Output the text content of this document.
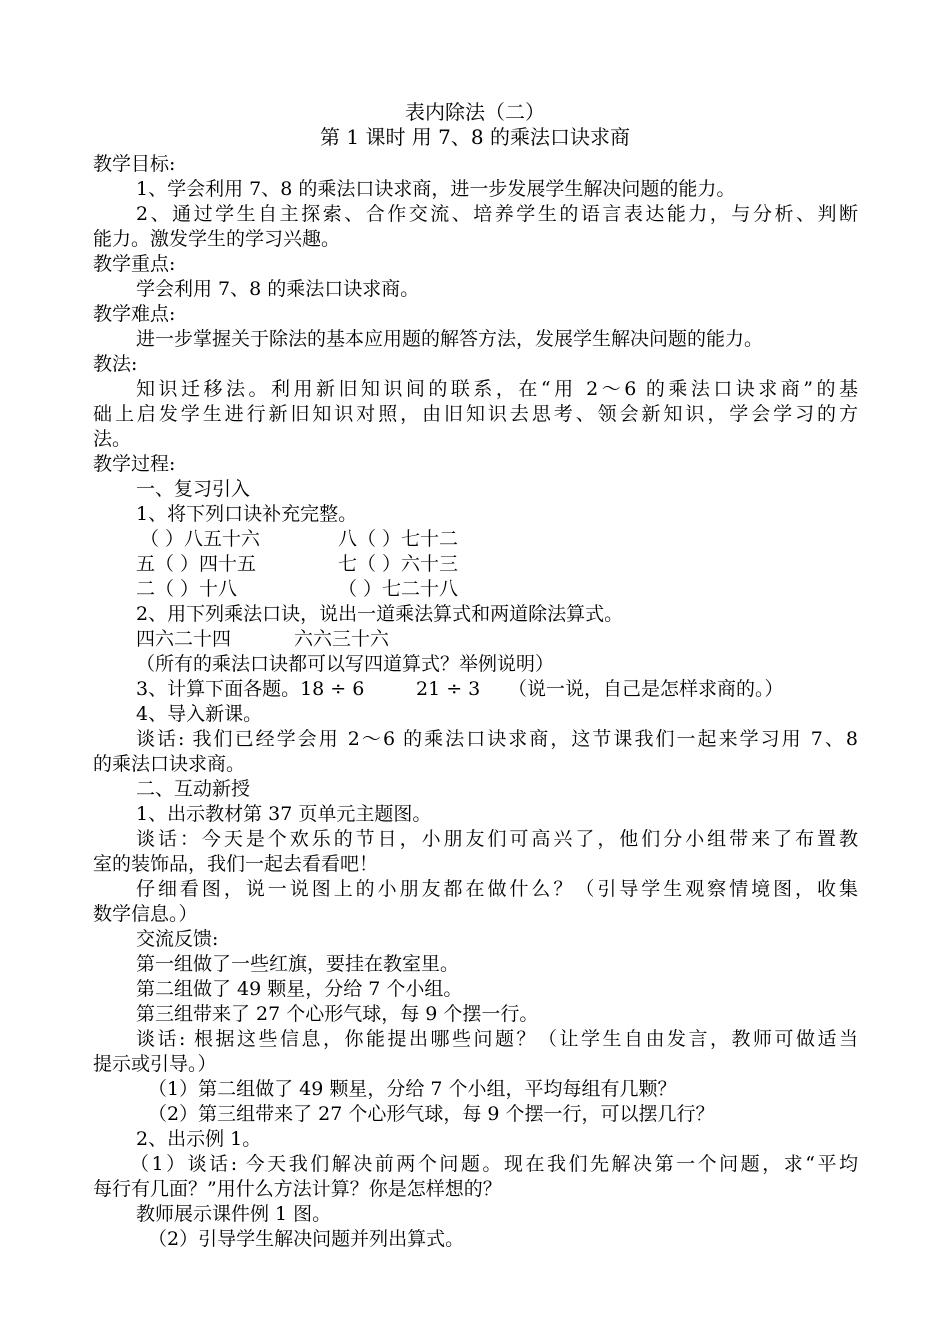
表内除法（二）
第 1 课时 用 7、8 的乘法口诀求商
教学目标:
1、学会利用 7、8 的乘法口诀求商，进一步发展学生解决问题的能力。
2、通过学生自主探索、合作交流、培养学生的语言表达能力，与分析、判断
能力。激发学生的学习兴趣。
教学重点:
学会利用 7、8 的乘法口诀求商。
教学难点:
进一步掌握关于除法的基本应用题的解答方法，发展学生解决问题的能力。
教法:
知识迁移法。利用新旧知识间的联系，在“用 2～6 的乘法口诀求商”的基
础上启发学生进行新旧知识对照，由旧知识去思考、领会新知识，学会学习的方
法。
教学过程:
一、复习引入
1、将下列口诀补充完整。
（ ）八五十六	八（ ）七十二
五（ ）四十五	七（ ）六十三
二（ ）十八	（ ）七二十八
2、用下列乘法口诀，说出一道乘法算式和两道除法算式。
四六二十四	六六三十六
（所有的乘法口诀都可以写四道算式？举例说明）
3、计算下面各题。18 ÷ 6	21 ÷ 3 （说一说，自己是怎样求商的。）
4、导入新课。
谈话: 我们已经学会用 2～6 的乘法口诀求商，这节课我们一起来学习用 7、8
的乘法口诀求商。
二、互动新授
1、出示教材第 37 页单元主题图。
谈话：今天是个欢乐的节日，小朋友们可高兴了，他们分小组带来了布置教
室的装饰品，我们一起去看看吧！
仔细看图，说一说图上的小朋友都在做什么？（引导学生观察情境图，收集
数学信息。）
交流反馈:
第一组做了一些红旗，要挂在教室里。
第二组做了 49 颗星，分给 7 个小组。
第三组带来了 27 个心形气球，每 9 个摆一行。
谈话: 根据这些信息，你能提出哪些问题？（让学生自由发言，教师可做适当
提示或引导。）
（1）第二组做了 49 颗星，分给 7 个小组，平均每组有几颗？
（2）第三组带来了 27 个心形气球，每 9 个摆一行，可以摆几行？
2、出示例 1。
（1）谈话: 今天我们解决前两个问题。现在我们先解决第一个问题，求“平均
每行有几面？”用什么方法计算？你是怎样想的？
教师展示课件例 1 图。
（2）引导学生解决问题并列出算式。
